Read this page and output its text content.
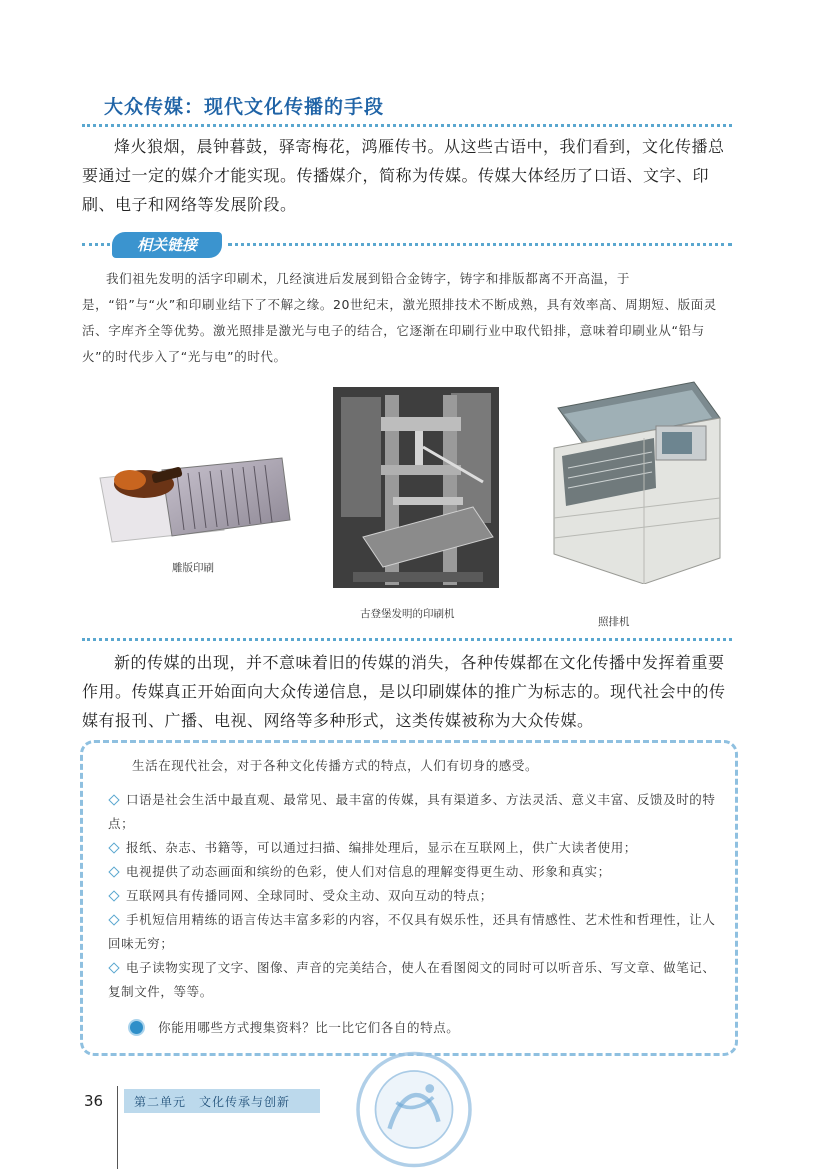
大众传媒：现代文化传播的手段
烽火狼烟，晨钟暮鼓，驿寄梅花，鸿雁传书。从这些古语中，我们看到，文化传播总要通过一定的媒介才能实现。传播媒介，简称为传媒。传媒大体经历了口语、文字、印刷、电子和网络等发展阶段。
相关链接
我们祖先发明的活字印刷术，几经演进后发展到铅合金铸字，铸字和排版都离不开高温，于是，“铅”与“火”和印刷业结下了不解之缘。20世纪末，激光照排技术不断成熟，具有效率高、周期短、版面灵活、字库齐全等优势。激光照排是激光与电子的结合，它逐渐在印刷行业中取代铅排，意味着印刷业从“铅与火”的时代步入了“光与电”的时代。
雕版印刷
古登堡发明的印刷机
照排机
新的传媒的出现，并不意味着旧的传媒的消失，各种传媒都在文化传播中发挥着重要作用。传媒真正开始面向大众传递信息，是以印刷媒体的推广为标志的。现代社会中的传媒有报刊、广播、电视、网络等多种形式，这类传媒被称为大众传媒。
生活在现代社会，对于各种文化传播方式的特点，人们有切身的感受。
口语是社会生活中最直观、最常见、最丰富的传媒，具有渠道多、方法灵活、意义丰富、反馈及时的特点；
报纸、杂志、书籍等，可以通过扫描、编排处理后，显示在互联网上，供广大读者使用；
电视提供了动态画面和缤纷的色彩，使人们对信息的理解变得更生动、形象和真实；
互联网具有传播同网、全球同时、受众主动、双向互动的特点；
手机短信用精练的语言传达丰富多彩的内容，不仅具有娱乐性，还具有情感性、艺术性和哲理性，让人回味无穷；
电子读物实现了文字、图像、声音的完美结合，使人在看图阅文的同时可以听音乐、写文章、做笔记、复制文件，等等。
你能用哪些方式搜集资料？比一比它们各自的特点。
36	第二单元　文化传承与创新
